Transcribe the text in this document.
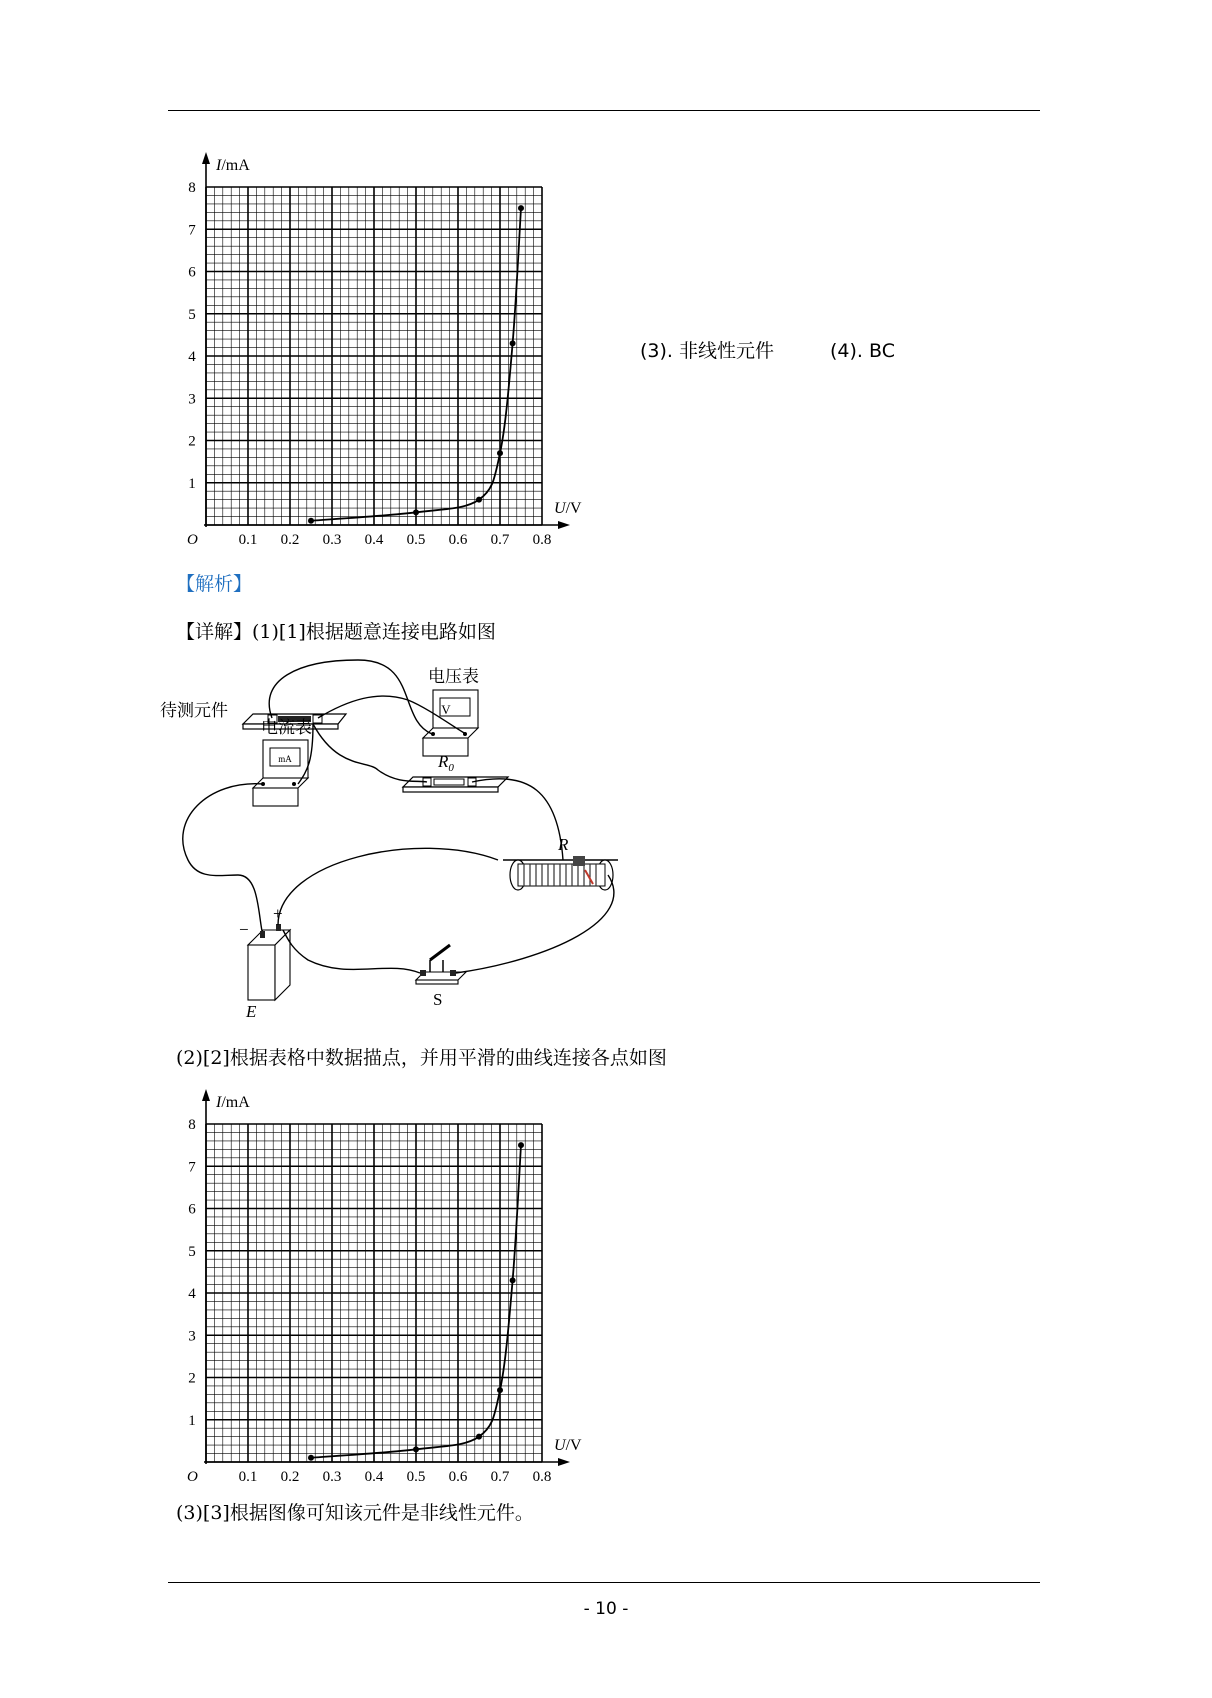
0.1 0.2 0.3 0.4 0.5 0.6 0.7 0.8
1
2
3
4
5
6
7
8
O
I/mA
U/V
(3). 非线性元件	(4). BC
【解析】
【详解】(1)[1]根据题意连接电路如图
待测元件	V
电压表
mA
电流表
$R_0$
R
−
+
E
S
(2)[2]根据表格中数据描点，并用平滑的曲线连接各点如图
0.1 0.2 0.3 0.4 0.5 0.6 0.7 0.8
1
2
3
4
5
6
7
8
O
I/mA
U/V
(3)[3]根据图像可知该元件是非线性元件。
- 10 -
